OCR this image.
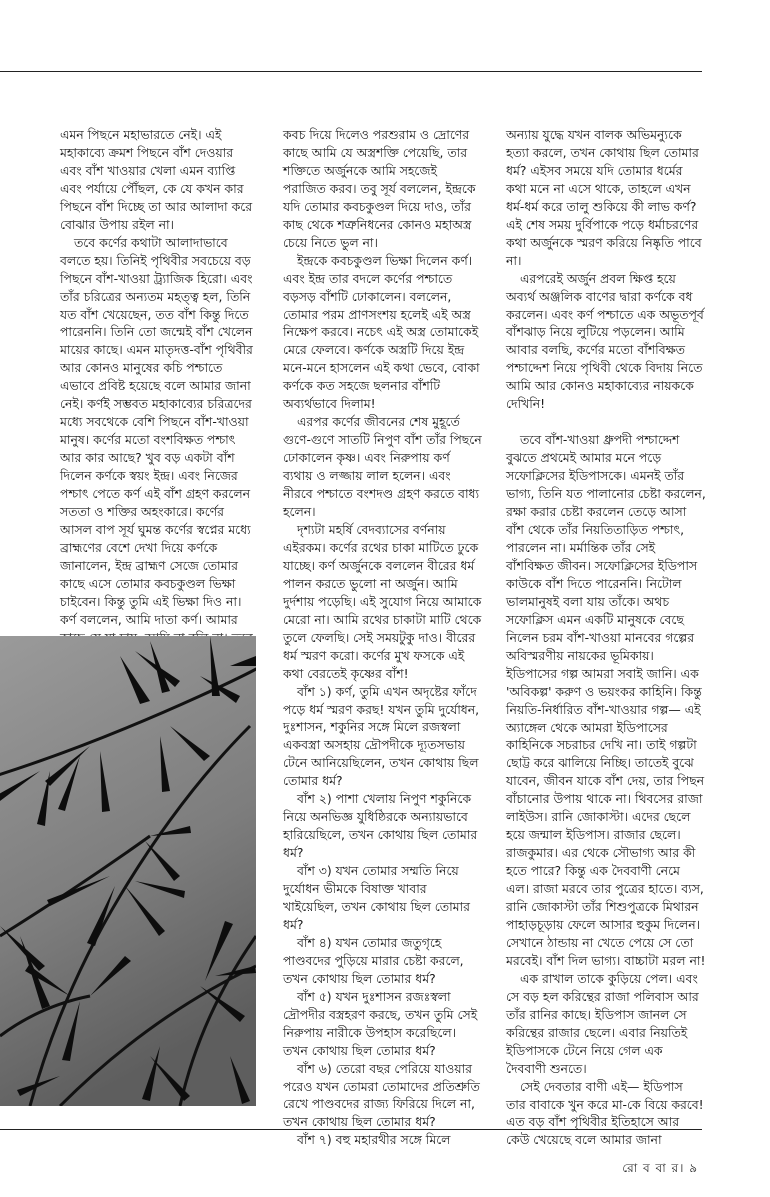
এমন পিছনে মহাভারতে নেই। এই মহাকাব্যে ক্রমশ পিছনে বাঁশ দেওয়ার এবং বাঁশ খাওয়ার খেলা এমন ব্যাপ্তি এবং পর্যায়ে পৌঁছল, কে যে কখন কার পিছনে বাঁশ দিচ্ছে তা আর আলাদা করে বোঝার উপায় রইল না।

তবে কর্ণের কথাটা আলাদাভাবে বলতে হয়। তিনিই পৃথিবীর সবচেয়ে বড় পিছনে বাঁশ-খাওয়া ট্র্যাজিক হিরো। এবং তাঁর চরিত্রের অন্যতম মহত্ত্ব হল, তিনি যত বাঁশ খেয়েছেন, তত বাঁশ কিন্তু দিতে পারেননি। তিনি তো জন্মেই বাঁশ খেলেন মায়ের কাছে। এমন মাতৃদত্ত-বাঁশ পৃথিবীর আর কোনও মানুষের কচি পশ্চাতে এভাবে প্রবিষ্ট হয়েছে বলে আমার জানা নেই। কর্ণই সম্ভবত মহাকাব্যের চরিত্রদের মধ্যে সবথেকে বেশি পিছনে বাঁশ-খাওয়া মানুষ। কর্ণের মতো বংশবিক্ষত পশ্চাৎ আর কার আছে? খুব বড় একটা বাঁশ দিলেন কর্ণকে স্বয়ং ইন্দ্র। এবং নিজের পশ্চাৎ পেতে কর্ণ এই বাঁশ গ্রহণ করলেন সততা ও শক্তির অহংকারে। কর্ণের আসল বাপ সূর্য ঘুমন্ত কর্ণের স্বপ্নের মধ্যে ব্রাহ্মণের বেশে দেখা দিয়ে কর্ণকে জানালেন, ইন্দ্র ব্রাহ্মণ সেজে তোমার কাছে এসে তোমার কবচকুণ্ডল ভিক্ষা চাইবেন। কিন্তু তুমি এই ভিক্ষা দিও না। কর্ণ বললেন, আমি দাতা কর্ণ। আমার

কবচ দিয়ে দিলেও পরশুরাম ও দ্রোণের কাছে আমি যে অস্ত্রশক্তি পেয়েছি, তার শক্তিতে অর্জুনকে আমি সহজেই পরাজিত করব। তবু সূর্য বললেন, ইন্দ্রকে যদি তোমার কবচকুণ্ডল দিয়ে দাও, তাঁর কাছ থেকে শত্রুনিধনের কোনও মহাঅস্ত্র চেয়ে নিতে ভুল না।

ইন্দ্রকে কবচকুণ্ডল ভিক্ষা দিলেন কর্ণ। এবং ইন্দ্র তার বদলে কর্ণের পশ্চাতে বড়সড় বাঁশটি ঢোকালেন। বললেন, তোমার পরম প্রাণসংশয় হলেই এই অস্ত্র নিক্ষেপ করবে। নচেৎ এই অস্ত্র তোমাকেই মেরে ফেলবে। কর্ণকে অস্ত্রটি দিয়ে ইন্দ্র মনে-মনে হাসলেন এই কথা ভেবে, বোকা কর্ণকে কত সহজে ছলনার বাঁশটি অব্যর্থভাবে দিলাম!

এরপর কর্ণের জীবনের শেষ মুহূর্তে গুণে-গুণে সাতটি নিপুণ বাঁশ তাঁর পিছনে ঢোকালেন কৃষ্ণ। এবং নিরুপায় কর্ণ ব্যথায় ও লজ্জায় লাল হলেন। এবং নীরবে পশ্চাতে বংশদণ্ড গ্রহণ করতে বাধ্য হলেন।

দৃশ্যটা মহর্ষি বেদব্যাসের বর্ণনায় এইরকম। কর্ণের রথের চাকা মাটিতে ঢুকে যাচ্ছে। কর্ণ অর্জুনকে বললেন বীরের ধর্ম পালন করতে ভুলো না অর্জুন। আমি দুর্দশায় পড়েছি। এই সুযোগ নিয়ে আমাকে মেরো না। আমি রথের চাকাটা মাটি থেকে তুলে ফেলছি। সেই সময়টুকু দাও। বীরের ধর্ম স্মরণ করো। কর্ণের মুখ ফসকে এই কথা বেরতেই কৃষ্ণের বাঁশ!

বাঁশ ১) কর্ণ, তুমি এখন অদৃষ্টের ফাঁদে পড়ে ধর্ম স্মরণ করছ! যখন তুমি দুর্যোধন, দুঃশাসন, শকুনির সঙ্গে মিলে রজস্বলা একবস্ত্রা অসহায় দ্রৌপদীকে দ্যূতসভায় টেনে আনিয়েছিলেন, তখন কোথায় ছিল তোমার ধর্ম?

বাঁশ ২) পাশা খেলায় নিপুণ শকুনিকে নিয়ে অনভিজ্ঞ যুধিষ্ঠিরকে অন্যায়ভাবে হারিয়েছিলে, তখন কোথায় ছিল তোমার ধর্ম?

বাঁশ ৩) যখন তোমার সম্মতি নিয়ে দুর্যোধন ভীমকে বিষাক্ত খাবার খাইয়েছিল, তখন কোথায় ছিল তোমার ধর্ম?

বাঁশ ৪) যখন তোমার জতুগৃহে পাণ্ডবদের পুড়িয়ে মারার চেষ্টা করলে, তখন কোথায় ছিল তোমার ধর্ম?

বাঁশ ৫) যখন দুঃশাসন রজঃস্বলা দ্রৌপদীর বস্ত্রহরণ করছে, তখন তুমি সেই নিরুপায় নারীকে উপহাস করেছিলে। তখন কোথায় ছিল তোমার ধর্ম?

বাঁশ ৬) তেরো বছর পেরিয়ে যাওয়ার পরেও যখন তোমরা তোমাদের প্রতিশ্রুতি রেখে পাণ্ডবদের রাজ্য ফিরিয়ে দিলে না, তখন কোথায় ছিল তোমার ধর্ম?

বাঁশ ৭) বহু মহারথীর সঙ্গে মিলে

অন্যায় যুদ্ধে যখন বালক অভিমন্যুকে হত্যা করলে, তখন কোথায় ছিল তোমার ধর্ম? এইসব সময়ে যদি তোমার ধর্মের কথা মনে না এসে থাকে, তাহলে এখন ধর্ম-ধর্ম করে তালু শুকিয়ে কী লাভ কর্ণ? এই শেষ সময় দুর্বিপাকে পড়ে ধর্মাচরণের কথা অর্জুনকে স্মরণ করিয়ে নিষ্কৃতি পাবে না।

এরপরেই অর্জুন প্রবল ক্ষিপ্ত হয়ে অব্যর্থ অঞ্জলিক বাণের দ্বারা কর্ণকে বধ করলেন। এবং কর্ণ পশ্চাতে এক অভূতপূর্ব বাঁশঝাড় নিয়ে লুটিয়ে পড়লেন। আমি আবার বলছি, কর্ণের মতো বাঁশবিক্ষত পশ্চাদ্দেশ নিয়ে পৃথিবী থেকে বিদায় নিতে আমি আর কোনও মহাকাব্যের নায়ককে দেখিনি!

তবে বাঁশ-খাওয়া ধ্রুপদী পশ্চাদ্দেশ বুঝতে প্রথমেই আমার মনে পড়ে সফোক্লিসের ইডিপাসকে। এমনই তাঁর ভাগ্য, তিনি যত পালানোর চেষ্টা করলেন, রক্ষা করার চেষ্টা করলেন তেড়ে আসা বাঁশ থেকে তাঁর নিয়তিতাড়িত পশ্চাৎ, পারলেন না। মর্মান্তিক তাঁর সেই বাঁশবিক্ষত জীবন। সফোক্লিসের ইডিপাস কাউকে বাঁশ দিতে পারেননি। নিটোল ভালমানুষই বলা যায় তাঁকে। অথচ সফোক্লিস এমন একটি মানুষকে বেছে নিলেন চরম বাঁশ-খাওয়া মানবের গল্পের অবিস্মরণীয় নায়কের ভূমিকায়। ইডিপাসের গল্প আমরা সবাই জানি। এক 'অবিকল্প' করুণ ও ভয়ংকর কাহিনি। কিন্তু নিয়তি-নির্ধারিত বাঁশ-খাওয়ার গল্প— এই অ্যাঙ্গেল থেকে আমরা ইডিপাসের কাহিনিকে সচরাচর দেখি না। তাই গল্পটা ছোট্ট করে ঝালিয়ে নিচ্ছি। তাতেই বুঝে যাবেন, জীবন যাকে বাঁশ দেয়, তার পিছন বাঁচানোর উপায় থাকে না। থিবসের রাজা লাইউস। রানি জোকাস্টা। এদের ছেলে হয়ে জন্মাল ইডিপাস। রাজার ছেলে। রাজকুমার। এর থেকে সৌভাগ্য আর কী হতে পারে? কিন্তু এক দৈববাণী নেমে এল। রাজা মরবে তার পুত্রের হাতে। ব্যস, রানি জোকাস্টা তাঁর শিশুপুত্রকে মিথারন পাহাড়চূড়ায় ফেলে আসার হুকুম দিলেন। সেখানে ঠান্ডায় না খেতে পেয়ে সে তো মরবেই। বাঁশ দিল ভাগ্য। বাচ্চাটা মরল না!

এক রাখাল তাকে কুড়িয়ে পেল। এবং সে বড় হল করিন্থের রাজা পলিবাস আর তাঁর রানির কাছে। ইডিপাস জানল সে করিন্থের রাজার ছেলে। এবার নিয়তিই ইডিপাসকে টেনে নিয়ে গেল এক দৈববাণী শুনতে।

সেই দেবতার বাণী এই— ইডিপাস তার বাবাকে খুন করে মা-কে বিয়ে করবে! এত বড় বাঁশ পৃথিবীর ইতিহাসে আর কেউ খেয়েছে বলে আমার জানা

রো ব বা র। ৯
